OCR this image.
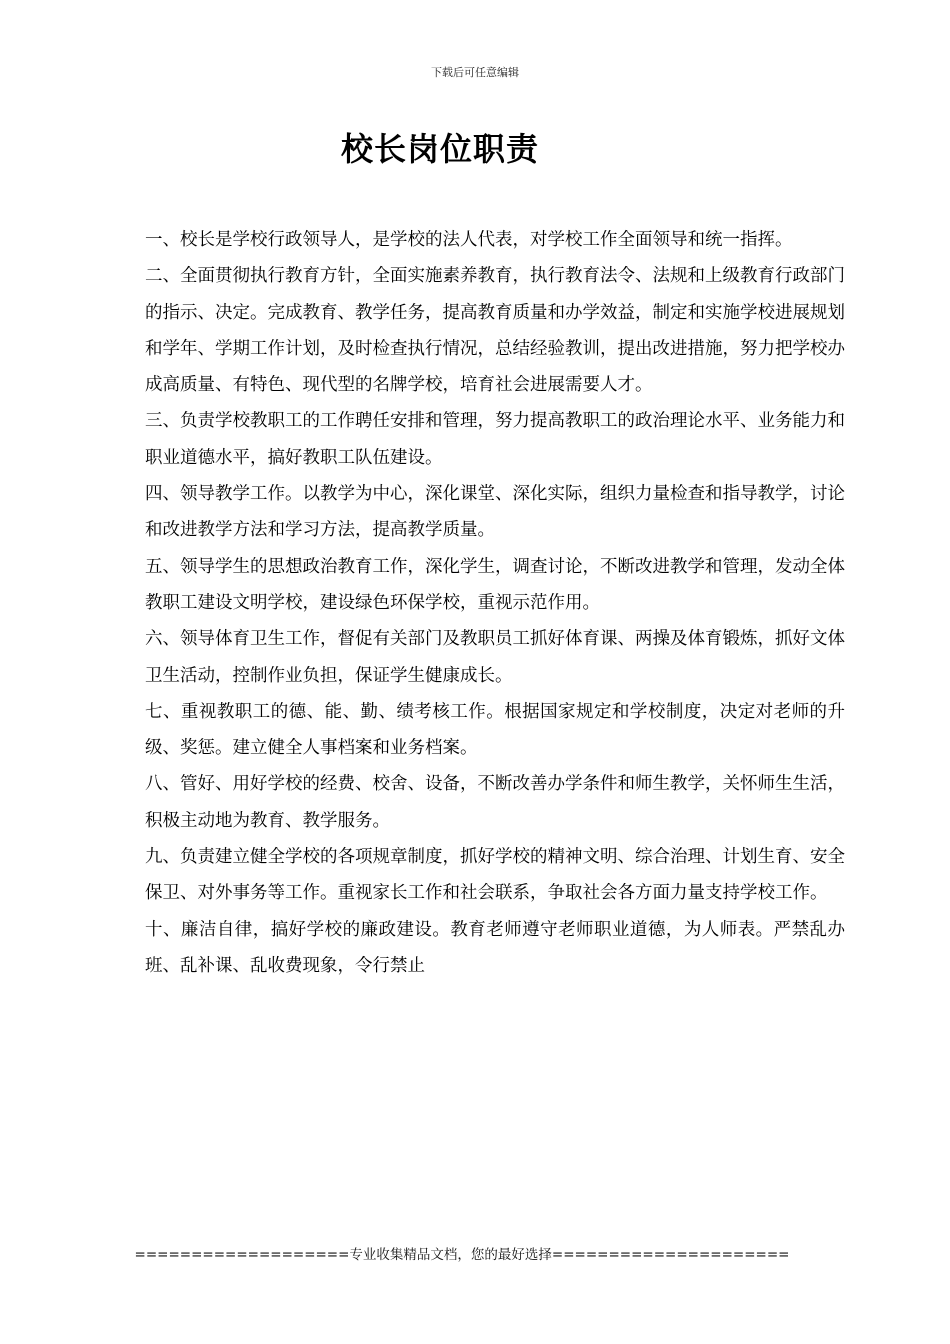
下载后可任意编辑
校长岗位职责

一、校长是学校行政领导人，是学校的法人代表，对学校工作全面领导和统一指挥。

二、全面贯彻执行教育方针，全面实施素养教育，执行教育法令、法规和上级教育行政部门的指示、决定。完成教育、教学任务，提高教育质量和办学效益，制定和实施学校进展规划和学年、学期工作计划，及时检查执行情况，总结经验教训，提出改进措施，努力把学校办成高质量、有特色、现代型的名牌学校，培育社会进展需要人才。

三、负责学校教职工的工作聘任安排和管理，努力提高教职工的政治理论水平、业务能力和职业道德水平，搞好教职工队伍建设。

四、领导教学工作。以教学为中心，深化课堂、深化实际，组织力量检查和指导教学，讨论和改进教学方法和学习方法，提高教学质量。

五、领导学生的思想政治教育工作，深化学生，调查讨论，不断改进教学和管理，发动全体教职工建设文明学校，建设绿色环保学校，重视示范作用。

六、领导体育卫生工作，督促有关部门及教职员工抓好体育课、两操及体育锻炼，抓好文体卫生活动，控制作业负担，保证学生健康成长。

七、重视教职工的德、能、勤、绩考核工作。根据国家规定和学校制度，决定对老师的升级、奖惩。建立健全人事档案和业务档案。

八、管好、用好学校的经费、校舍、设备，不断改善办学条件和师生教学，关怀师生生活，积极主动地为教育、教学服务。

九、负责建立健全学校的各项规章制度，抓好学校的精神文明、综合治理、计划生育、安全保卫、对外事务等工作。重视家长工作和社会联系，争取社会各方面力量支持学校工作。

十、廉洁自律，搞好学校的廉政建设。教育老师遵守老师职业道德，为人师表。严禁乱办班、乱补课、乱收费现象，令行禁止

===================专业收集精品文档，您的最好选择=====================
